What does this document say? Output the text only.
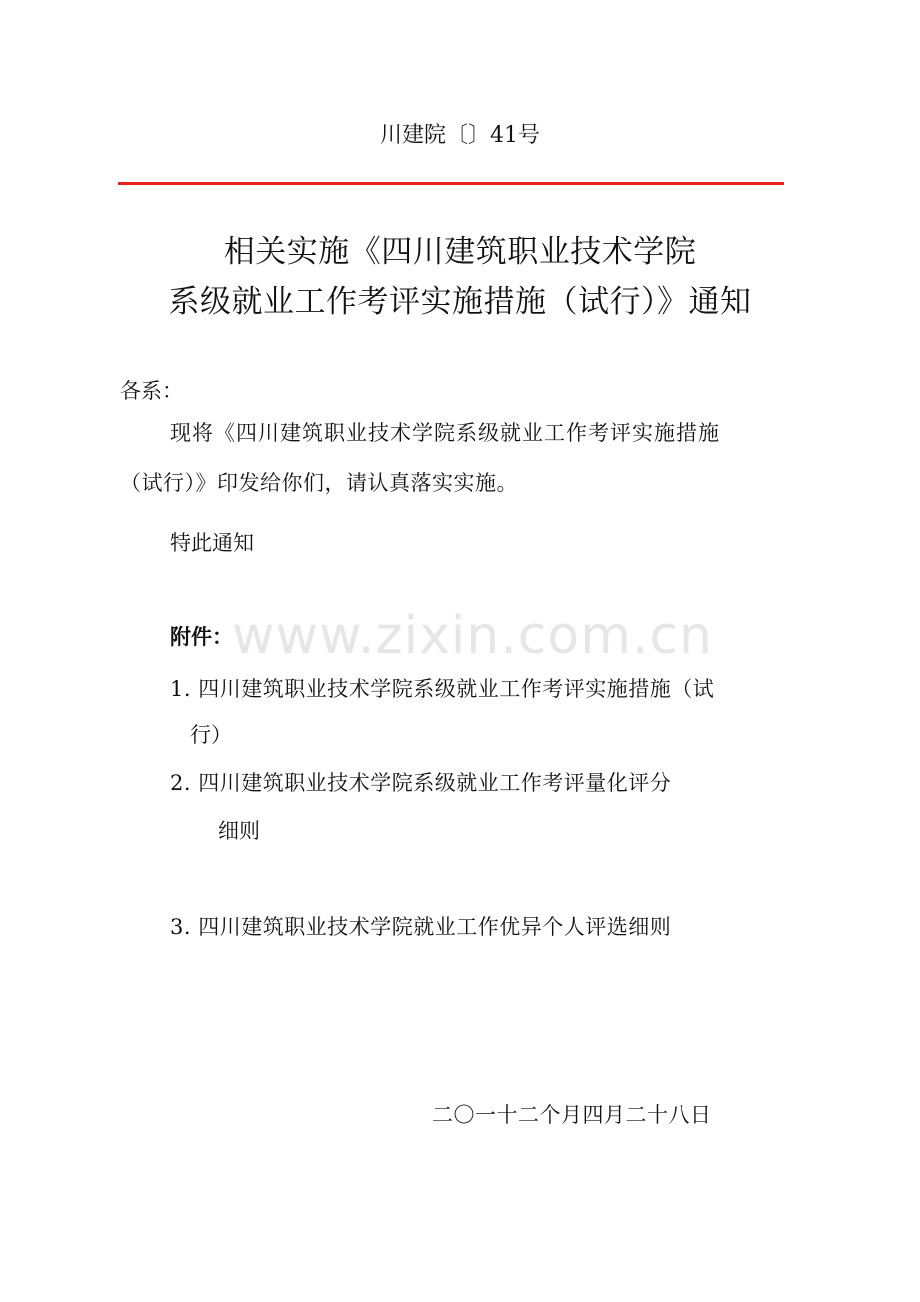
川建院〔〕41号
相关实施《四川建筑职业技术学院
系级就业工作考评实施措施（试行）》通知
各系：
现将《四川建筑职业技术学院系级就业工作考评实施措施
（试行）》印发给你们，请认真落实实施。
特此通知
www.zixin.com.cn
附件：
1. 四川建筑职业技术学院系级就业工作考评实施措施（试
行）
2. 四川建筑职业技术学院系级就业工作考评量化评分
细则
3. 四川建筑职业技术学院就业工作优异个人评选细则
二〇一十二个月四月二十八日
